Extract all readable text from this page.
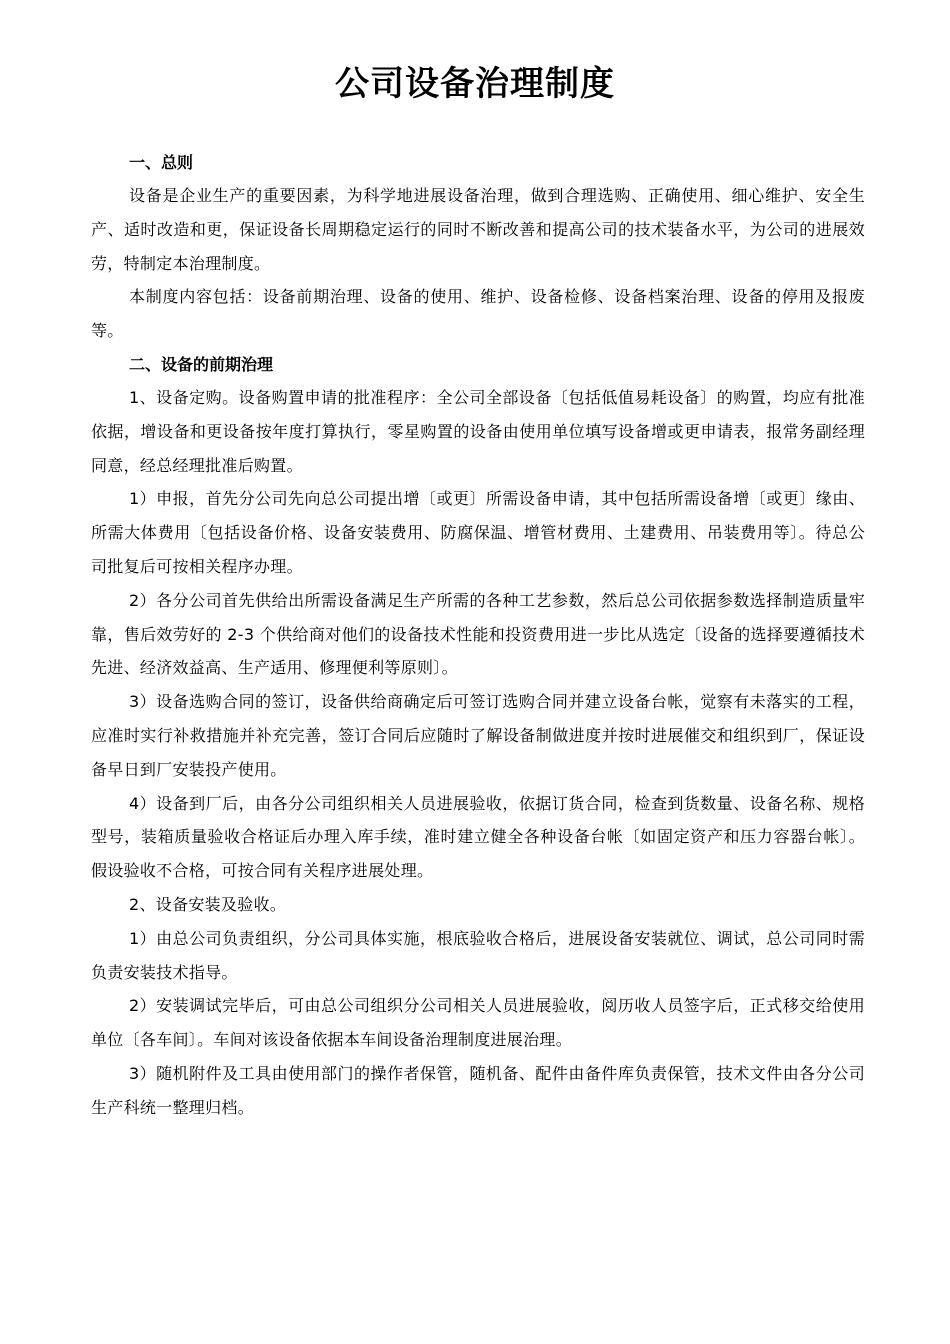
公司设备治理制度

一、总则

设备是企业生产的重要因素，为科学地进展设备治理，做到合理选购、正确使用、细心维护、安全生产、适时改造和更，保证设备长周期稳定运行的同时不断改善和提高公司的技术装备水平，为公司的进展效劳，特制定本治理制度。

本制度内容包括：设备前期治理、设备的使用、维护、设备检修、设备档案治理、设备的停用及报废等。

二、设备的前期治理

1、设备定购。设备购置申请的批准程序：全公司全部设备〔包括低值易耗设备〕的购置，均应有批准依据，增设备和更设备按年度打算执行，零星购置的设备由使用单位填写设备增或更申请表，报常务副经理同意，经总经理批准后购置。

1）申报，首先分公司先向总公司提出增〔或更〕所需设备申请，其中包括所需设备增〔或更〕缘由、所需大体费用〔包括设备价格、设备安装费用、防腐保温、增管材费用、土建费用、吊装费用等〕。待总公司批复后可按相关程序办理。

2）各分公司首先供给出所需设备满足生产所需的各种工艺参数，然后总公司依据参数选择制造质量牢靠，售后效劳好的 2-3 个供给商对他们的设备技术性能和投资费用进一步比从选定〔设备的选择要遵循技术先进、经济效益高、生产适用、修理便利等原则〕。

3）设备选购合同的签订，设备供给商确定后可签订选购合同并建立设备台帐，觉察有未落实的工程，应准时实行补救措施并补充完善，签订合同后应随时了解设备制做进度并按时进展催交和组织到厂，保证设备早日到厂安装投产使用。

4）设备到厂后，由各分公司组织相关人员进展验收，依据订货合同，检查到货数量、设备名称、规格型号，装箱质量验收合格证后办理入库手续，准时建立健全各种设备台帐〔如固定资产和压力容器台帐〕。假设验收不合格，可按合同有关程序进展处理。

2、设备安装及验收。

1）由总公司负责组织，分公司具体实施，根底验收合格后，进展设备安装就位、调试，总公司同时需负责安装技术指导。

2）安装调试完毕后，可由总公司组织分公司相关人员进展验收，阅历收人员签字后，正式移交给使用单位〔各车间〕。车间对该设备依据本车间设备治理制度进展治理。

3）随机附件及工具由使用部门的操作者保管，随机备、配件由备件库负责保管，技术文件由各分公司生产科统一整理归档。
